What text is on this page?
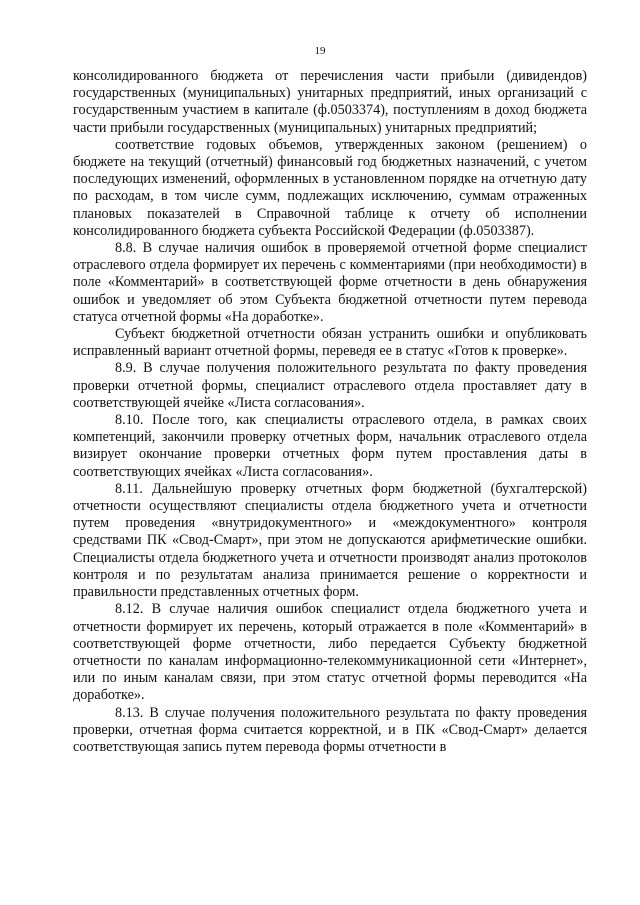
19

консолидированного бюджета от перечисления части прибыли (дивидендов) государственных (муниципальных) унитарных предприятий, иных организаций с государственным участием в капитале (ф.0503374), поступлениям в доход бюджета части прибыли государственных (муниципальных) унитарных предприятий;

соответствие годовых объемов, утвержденных законом (решением) о бюджете на текущий (отчетный) финансовый год бюджетных назначений, с учетом последующих изменений, оформленных в установленном порядке на отчетную дату по расходам, в том числе сумм, подлежащих исключению, суммам отраженных плановых показателей в Справочной таблице к отчету об исполнении консолидированного бюджета субъекта Российской Федерации (ф.0503387).

8.8. В случае наличия ошибок в проверяемой отчетной форме специалист отраслевого отдела формирует их перечень с комментариями (при необходимости) в поле «Комментарий» в соответствующей форме отчетности в день обнаружения ошибок и уведомляет об этом Субъекта бюджетной отчетности путем перевода статуса отчетной формы «На доработке».

Субъект бюджетной отчетности обязан устранить ошибки и опубликовать исправленный вариант отчетной формы, переведя ее в статус «Готов к проверке».

8.9. В случае получения положительного результата по факту проведения проверки отчетной формы, специалист отраслевого отдела проставляет дату в соответствующей ячейке «Листа согласования».

8.10. После того, как специалисты отраслевого отдела, в рамках своих компетенций, закончили проверку отчетных форм, начальник отраслевого отдела визирует окончание проверки отчетных форм путем проставления даты в соответствующих ячейках «Листа согласования».

8.11. Дальнейшую проверку отчетных форм бюджетной (бухгалтерской) отчетности осуществляют специалисты отдела бюджетного учета и отчетности путем проведения «внутридокументного» и «междокументного» контроля средствами ПК «Свод-Смарт», при этом не допускаются арифметические ошибки. Специалисты отдела бюджетного учета и отчетности производят анализ протоколов контроля и по результатам анализа принимается решение о корректности и правильности представленных отчетных форм.

8.12. В случае наличия ошибок специалист отдела бюджетного учета и отчетности формирует их перечень, который отражается в поле «Комментарий» в соответствующей форме отчетности, либо передается Субъекту бюджетной отчетности по каналам информационно-телекоммуникационной сети «Интернет», или по иным каналам связи, при этом статус отчетной формы переводится «На доработке».

8.13. В случае получения положительного результата по факту проведения проверки, отчетная форма считается корректной, и в ПК «Свод-Смарт» делается соответствующая запись путем перевода формы отчетности в
